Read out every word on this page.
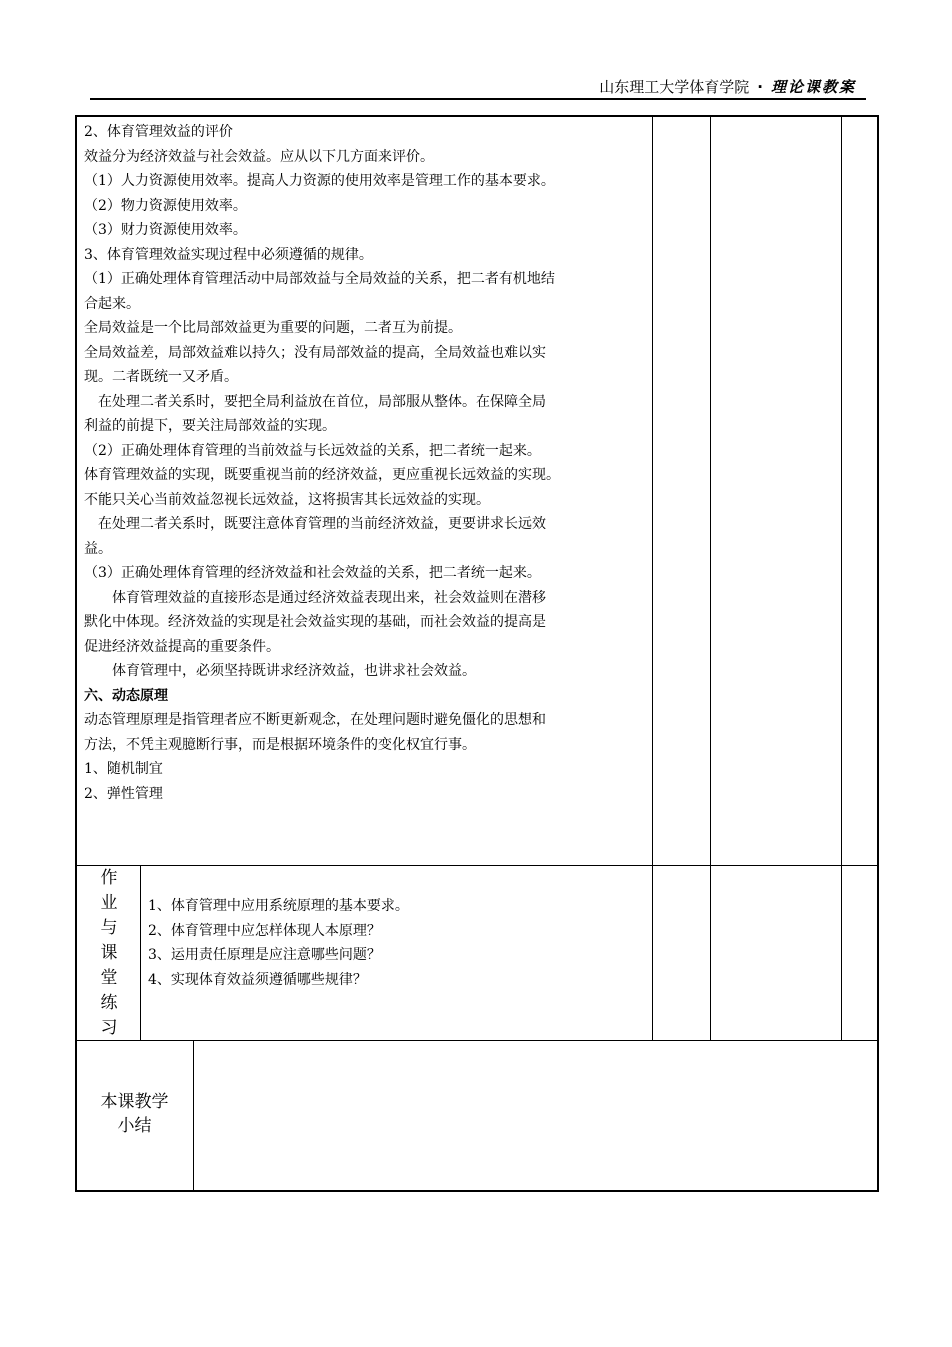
山东理工大学体育学院 · 理论课教案

2、体育管理效益的评价

效益分为经济效益与社会效益。应从以下几方面来评价。

（1）人力资源使用效率。提高人力资源的使用效率是管理工作的基本要求。

（2）物力资源使用效率。

（3）财力资源使用效率。

3、体育管理效益实现过程中必须遵循的规律。

（1）正确处理体育管理活动中局部效益与全局效益的关系，把二者有机地结

合起来。

全局效益是一个比局部效益更为重要的问题，二者互为前提。

全局效益差，局部效益难以持久；没有局部效益的提高，全局效益也难以实

现。二者既统一又矛盾。

　在处理二者关系时，要把全局利益放在首位，局部服从整体。在保障全局

利益的前提下，要关注局部效益的实现。

（2）正确处理体育管理的当前效益与长远效益的关系，把二者统一起来。

体育管理效益的实现，既要重视当前的经济效益，更应重视长远效益的实现。

不能只关心当前效益忽视长远效益，这将损害其长远效益的实现。

　在处理二者关系时，既要注意体育管理的当前经济效益，更要讲求长远效

益。

（3）正确处理体育管理的经济效益和社会效益的关系，把二者统一起来。

　　体育管理效益的直接形态是通过经济效益表现出来，社会效益则在潜移

默化中体现。经济效益的实现是社会效益实现的基础，而社会效益的提高是

促进经济效益提高的重要条件。

　　体育管理中，必须坚持既讲求经济效益，也讲求社会效益。

六、动态原理

动态管理原理是指管理者应不断更新观念，在处理问题时避免僵化的思想和

方法，不凭主观臆断行事，而是根据环境条件的变化权宜行事。

1、随机制宜

2、弹性管理

作
业
与
课
堂
练
习

1、体育管理中应用系统原理的基本要求。

2、体育管理中应怎样体现人本原理？

3、运用责任原理是应注意哪些问题？

4、实现体育效益须遵循哪些规律？

本课教学
小结
